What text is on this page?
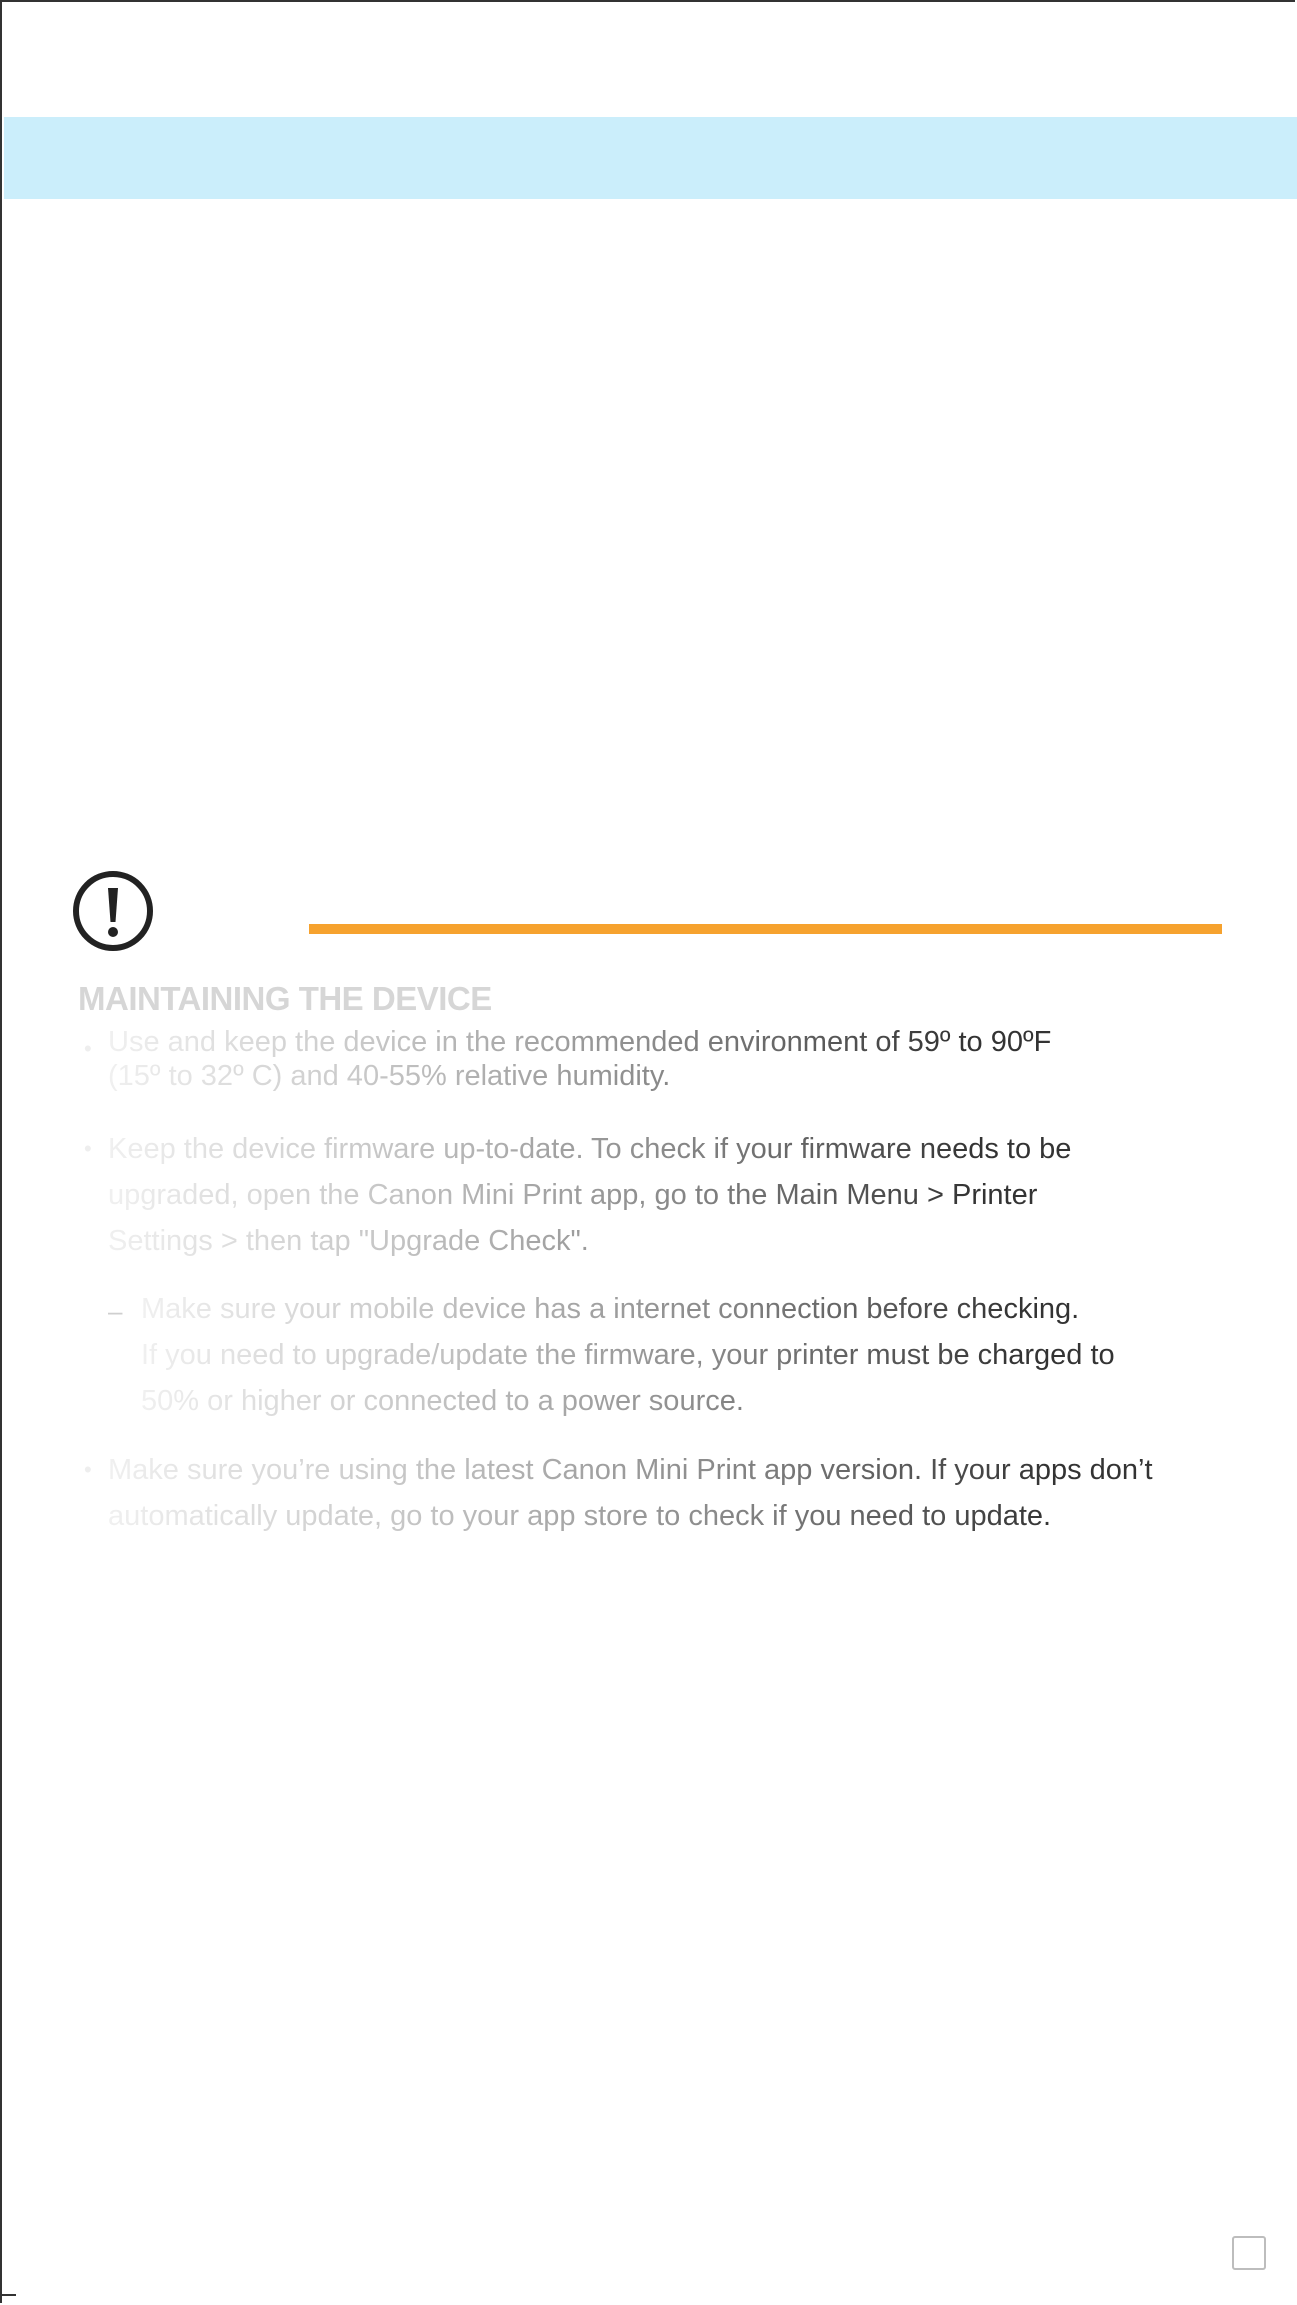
MAINTAINING THE DEVICE
• Use and keep the device in the recommended environment of 59º to 90ºF
(15º to 32º C) and 40-55% relative humidity.

• Keep the device firmware up-to-date. To check if your firmware needs to be
upgraded, open the Canon Mini Print app, go to the Main Menu > Printer
Settings > then tap "Upgrade Check".

– Make sure your mobile device has a internet connection before checking.
If you need to upgrade/update the firmware, your printer must be charged to
50% or higher or connected to a power source.

• Make sure you’re using the latest Canon Mini Print app version. If your apps don’t
automatically update, go to your app store to check if you need to update.
